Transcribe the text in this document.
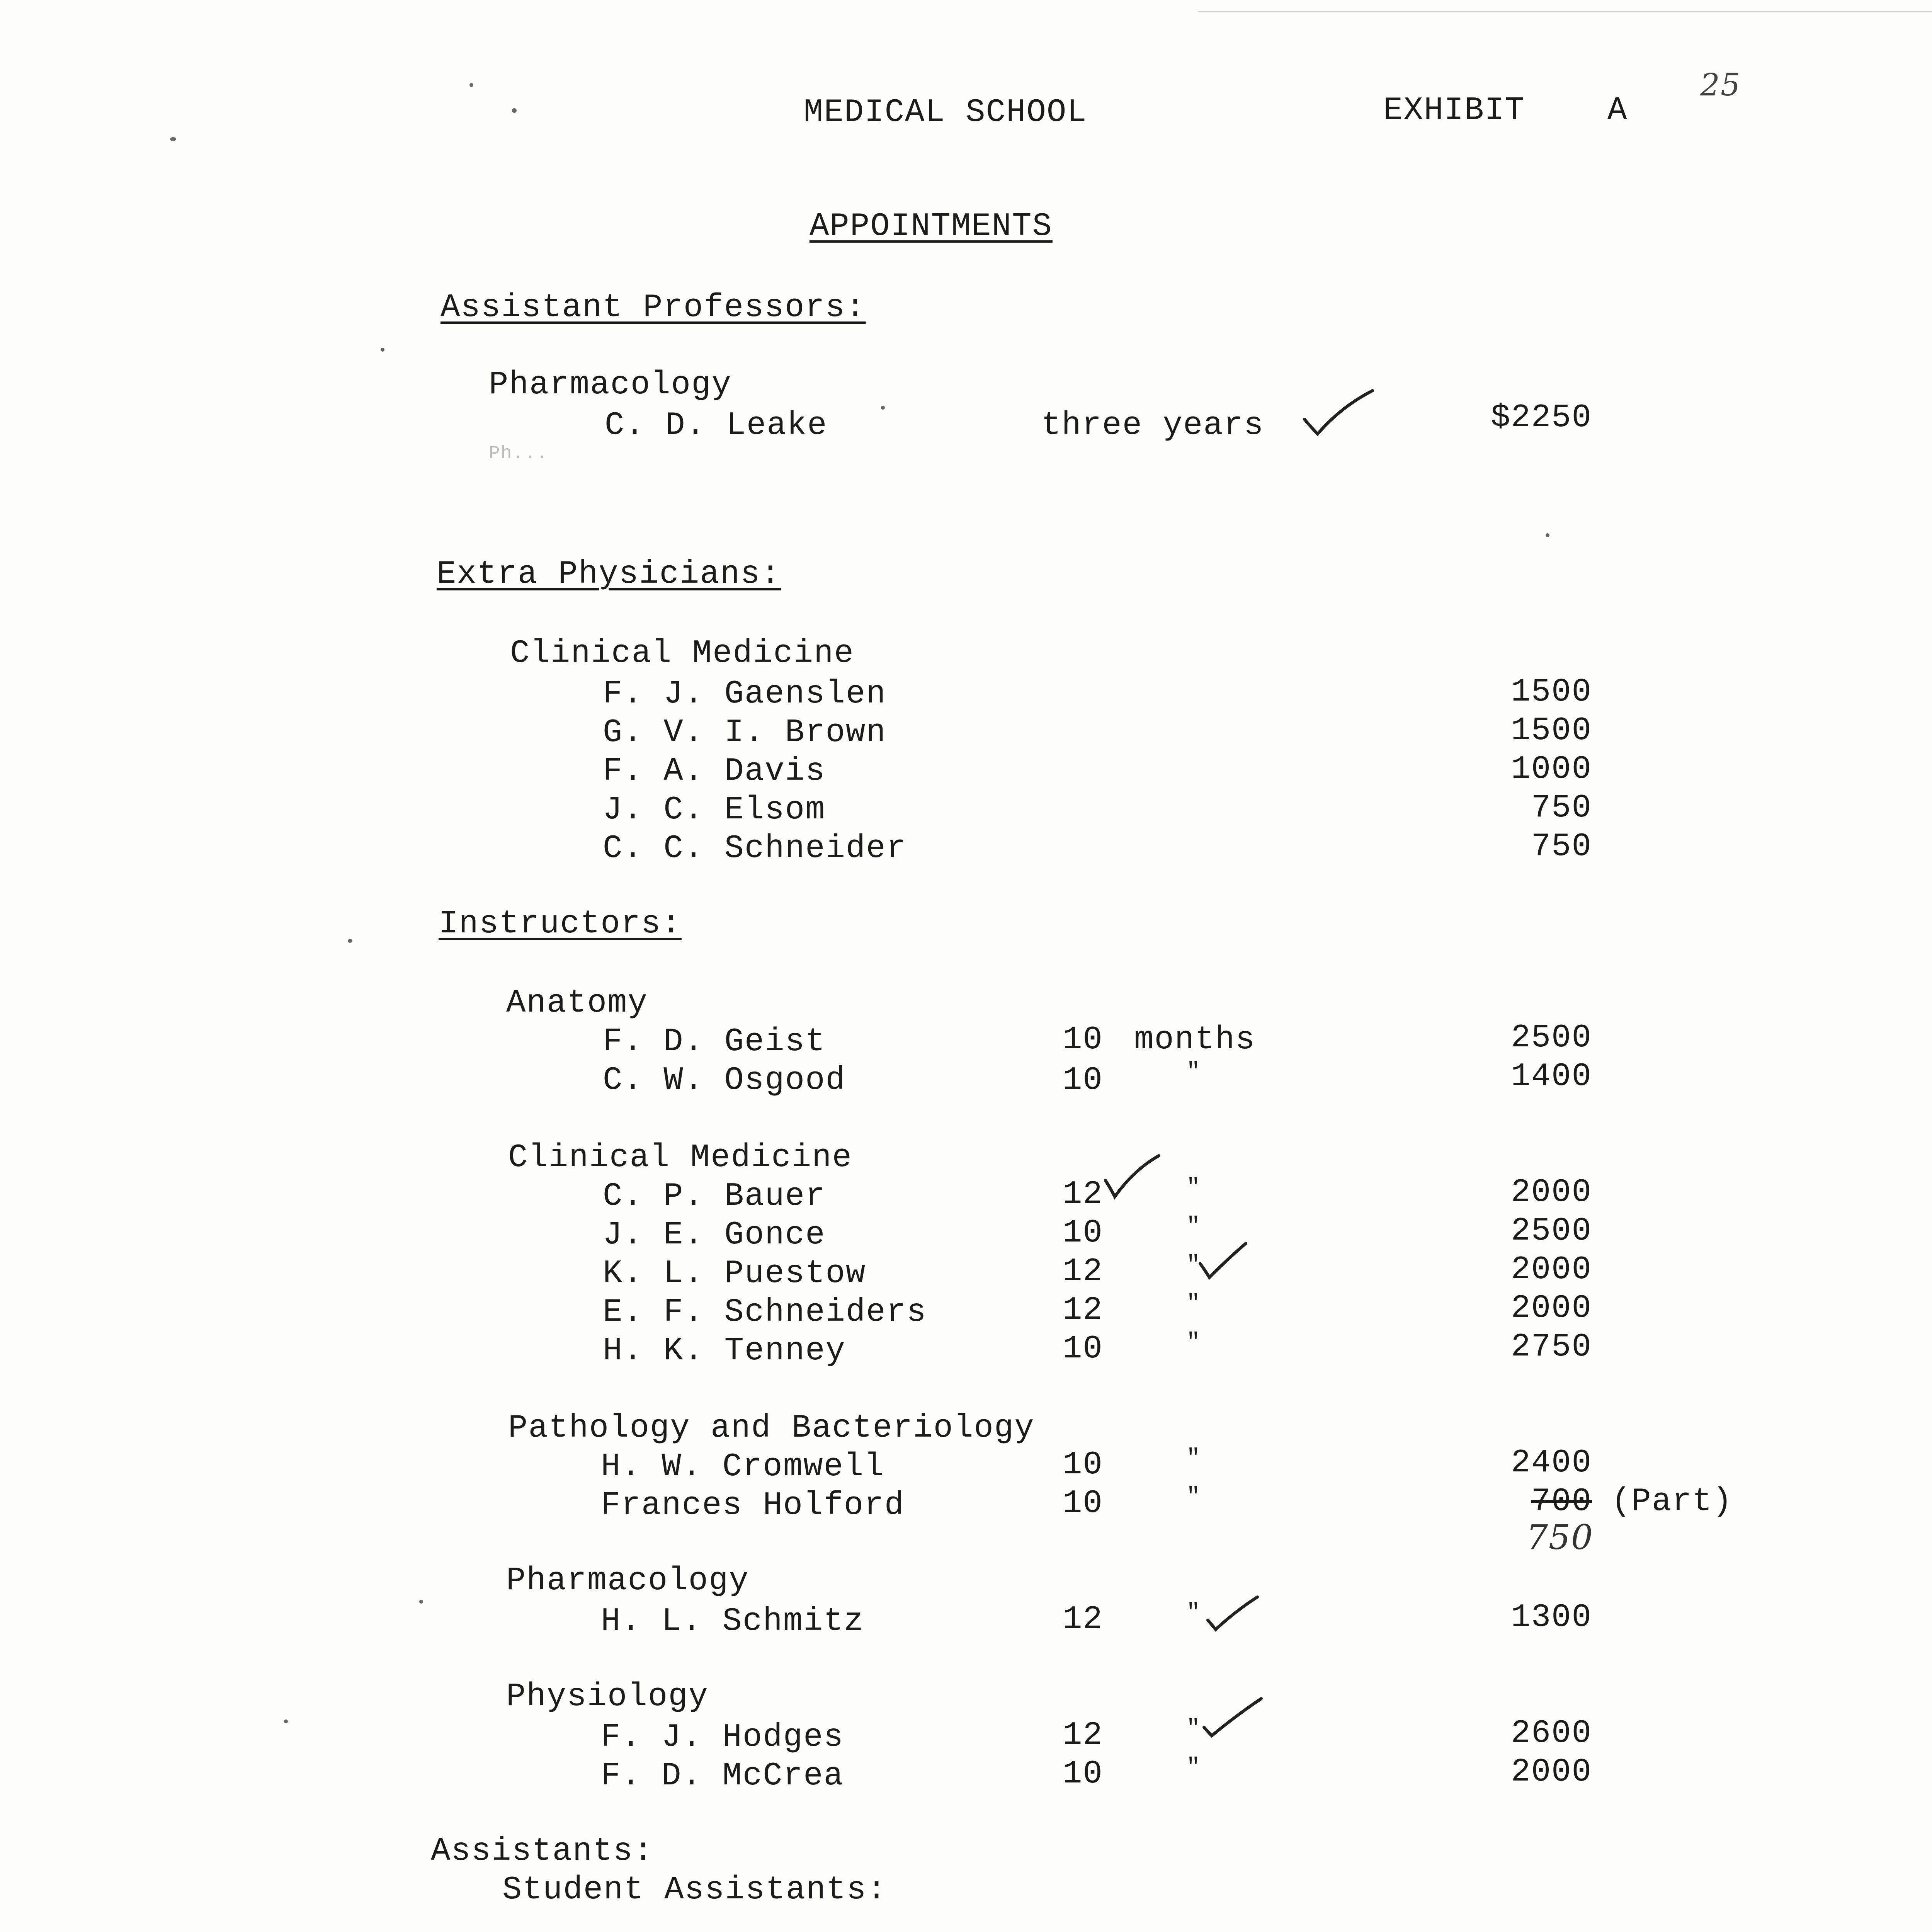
MEDICAL SCHOOL	EXHIBIT	A
25
APPOINTMENTS
Assistant Professors:
Pharmacology
C. D. Leake	three years	$2250
Ph...
Extra Physicians:
Clinical Medicine
F. J. Gaenslen	1500
G. V. I. Brown	1500
F. A. Davis	1000
J. C. Elsom	750
C. C. Schneider	750
Instructors:
Anatomy
F. D. Geist	10 months	2500
C. W. Osgood	10	"	1400
Clinical Medicine
C. P. Bauer	12	"	2000
J. E. Gonce	10	"	2500
K. L. Puestow	12	"	2000
E. F. Schneiders	12	"	2000
H. K. Tenney	10	"	2750
Pathology and Bacteriology
H. W. Cromwell	10	"	2400
Frances Holford	10	"	700 (Part)
750
Pharmacology
H. L. Schmitz	12	"	1300
Physiology
F. J. Hodges	12	"	2600
F. D. McCrea	10	"	2000
Assistants:
Student Assistants:
